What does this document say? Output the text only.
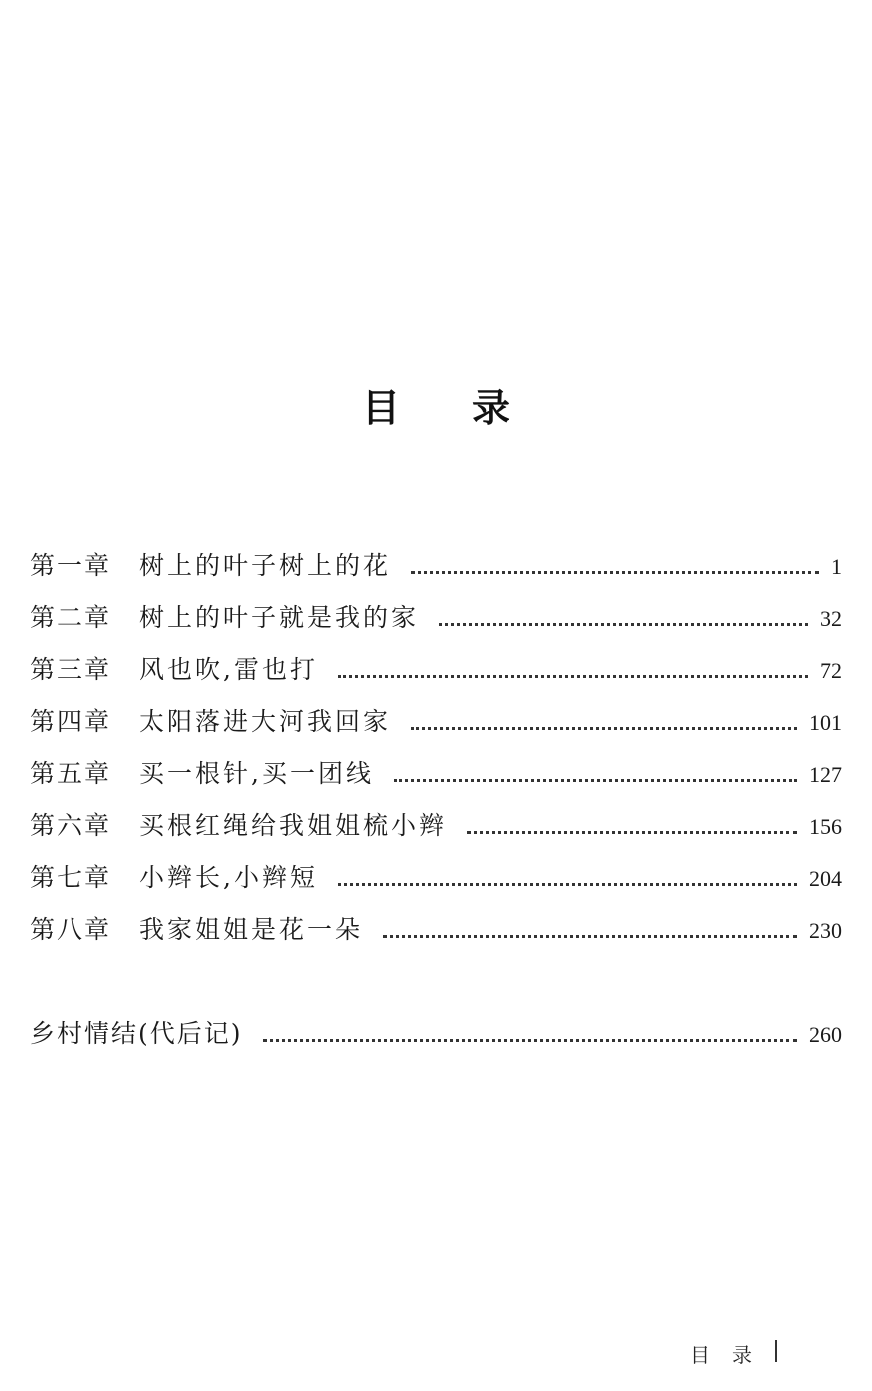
目录
第一章	树上的叶子树上的花	1
第二章	树上的叶子就是我的家	32
第三章	风也吹,雷也打	72
第四章	太阳落进大河我回家	101
第五章	买一根针,买一团线	127
第六章	买根红绳给我姐姐梳小辫	156
第七章	小辫长,小辫短	204
第八章	我家姐姐是花一朵	230
乡村情结(代后记)	260
目录
